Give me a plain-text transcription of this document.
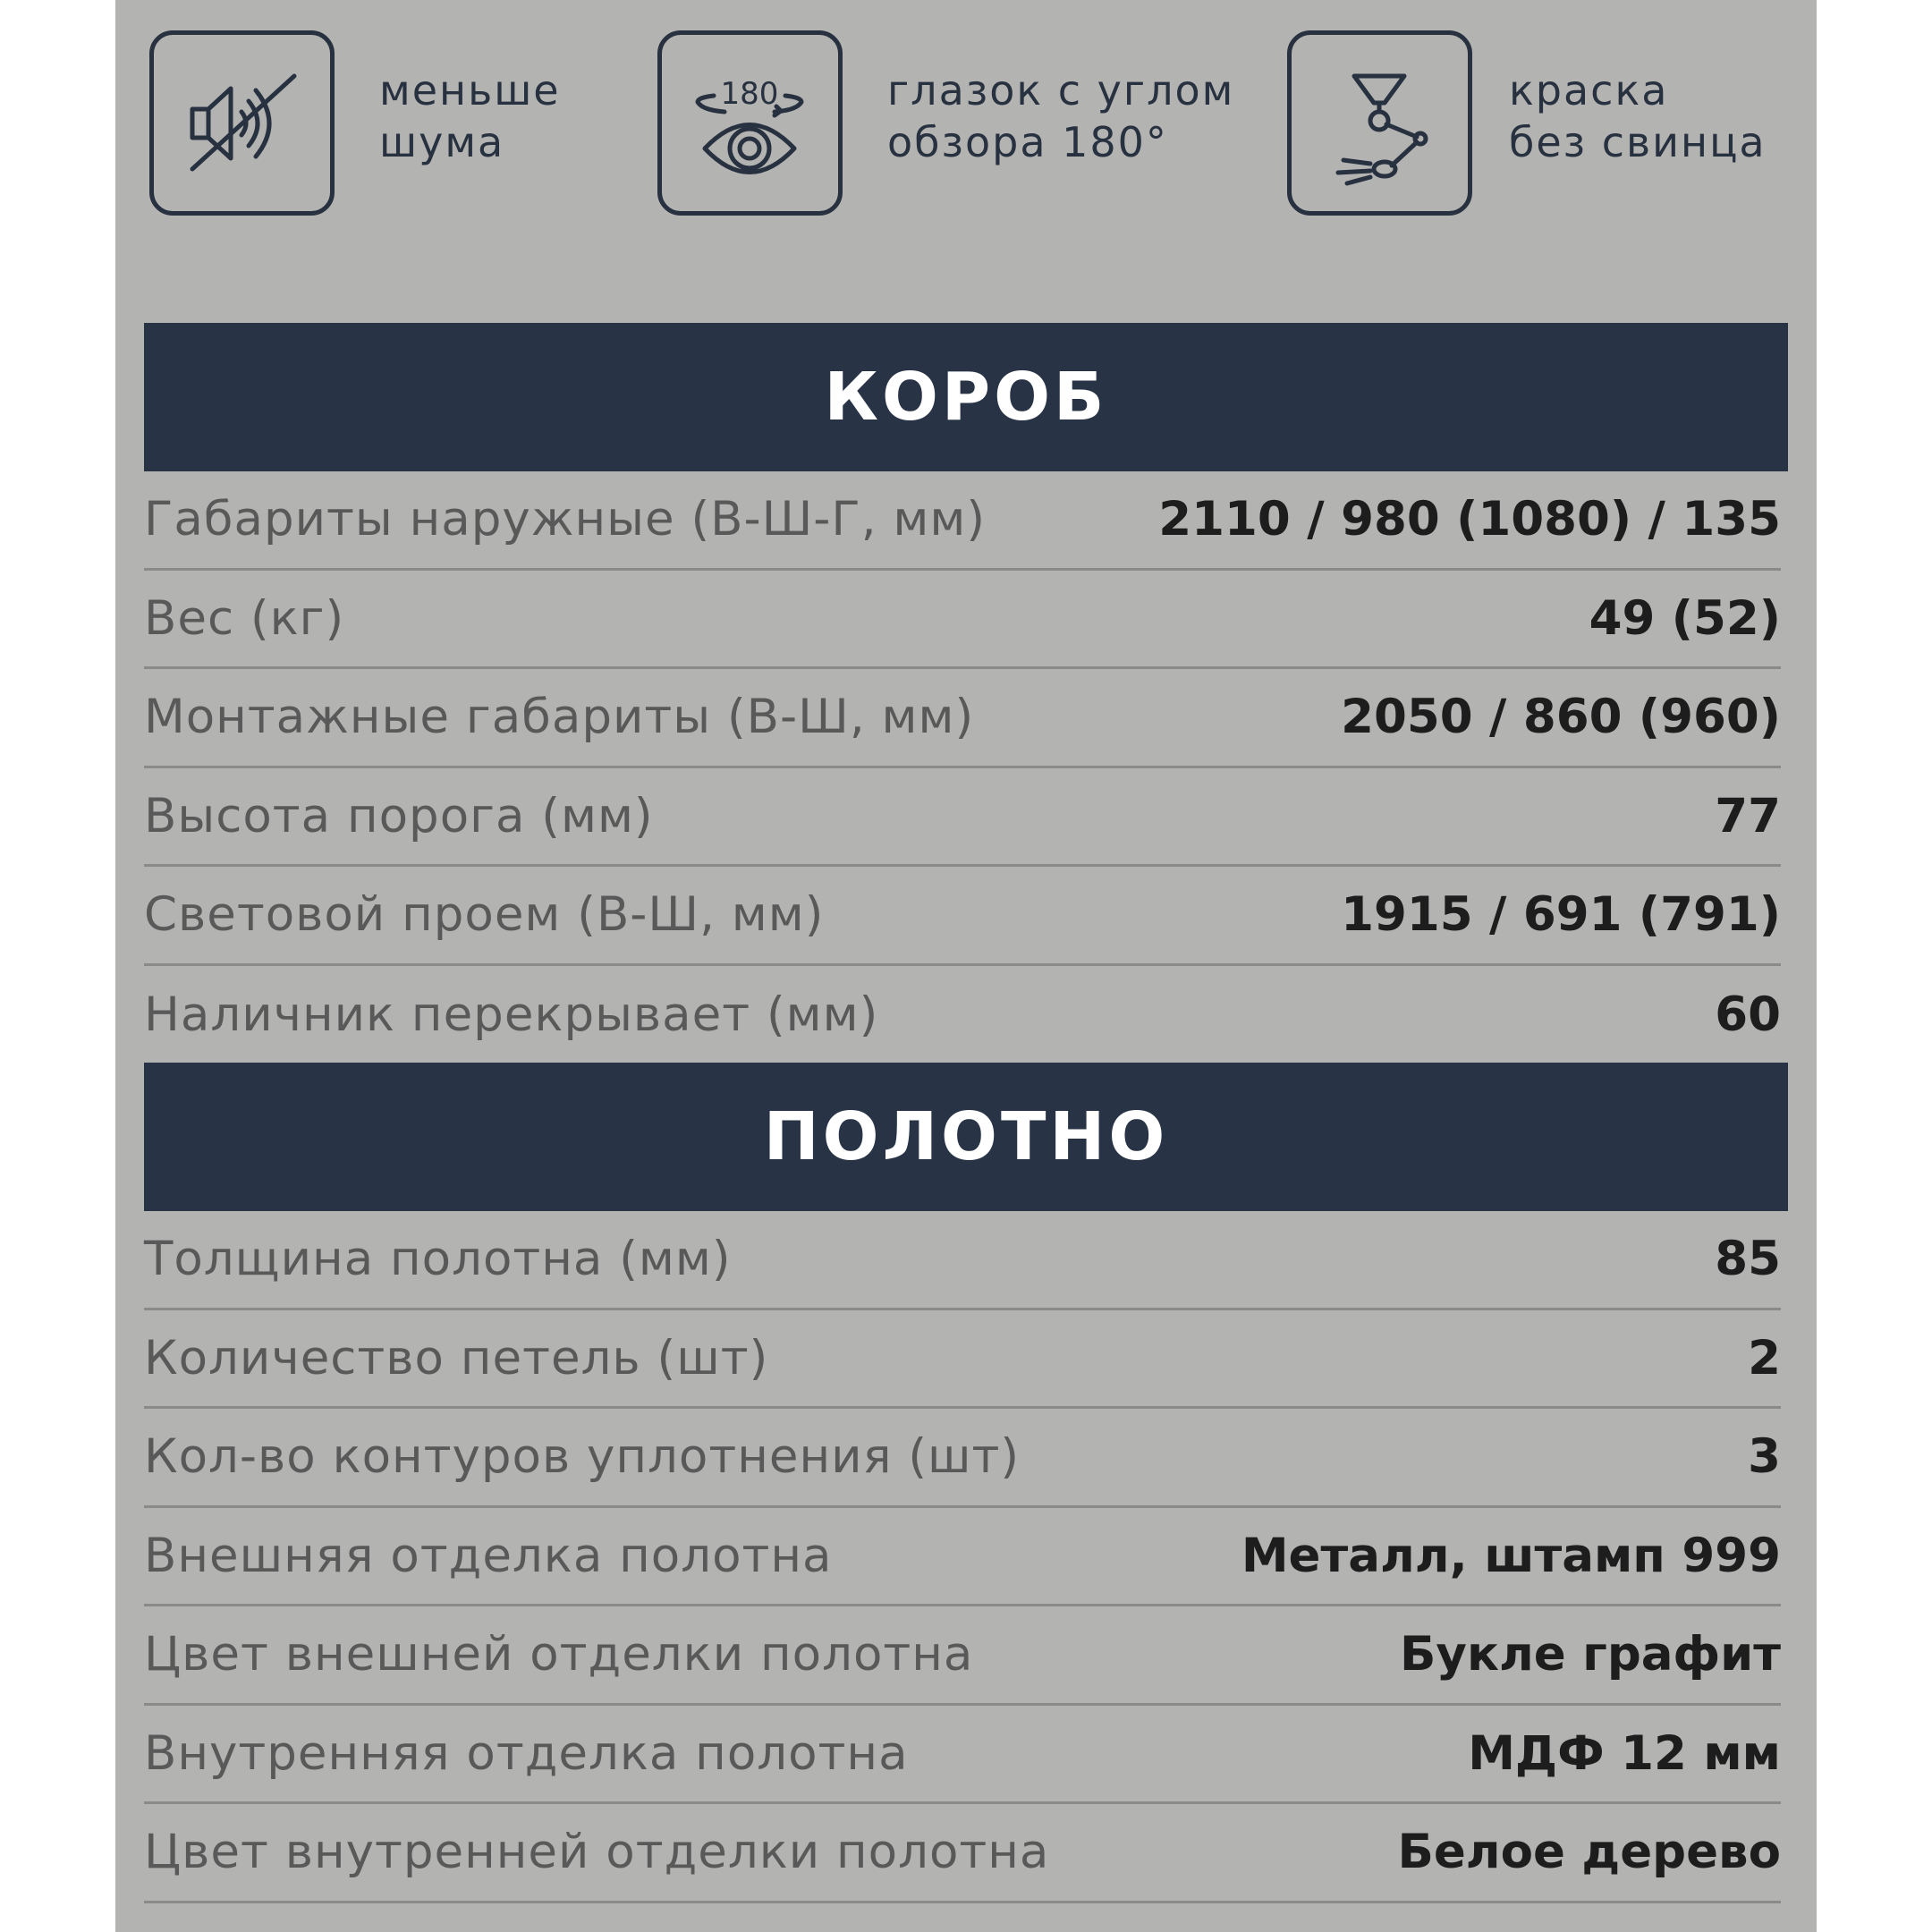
меньше
шума
180	глазок с углом
обзора 180°
краска
без свинца
КОРОБ
Габариты наружные (В-Ш-Г, мм)	2110 / 980 (1080) / 135
Вес (кг)	49 (52)
Монтажные габариты (В-Ш, мм)	2050 / 860 (960)
Высота порога (мм)	77
Световой проем (В-Ш, мм)	1915 / 691 (791)
Наличник перекрывает (мм)	60
ПОЛОТНО
Толщина полотна (мм)	85
Количество петель (шт)	2
Кол-во контуров уплотнения (шт)	3
Внешняя отделка полотна	Металл, штамп 999
Цвет внешней отделки полотна	Букле графит
Внутренняя отделка полотна	МДФ 12 мм
Цвет внутренней отделки полотна	Белое дерево
